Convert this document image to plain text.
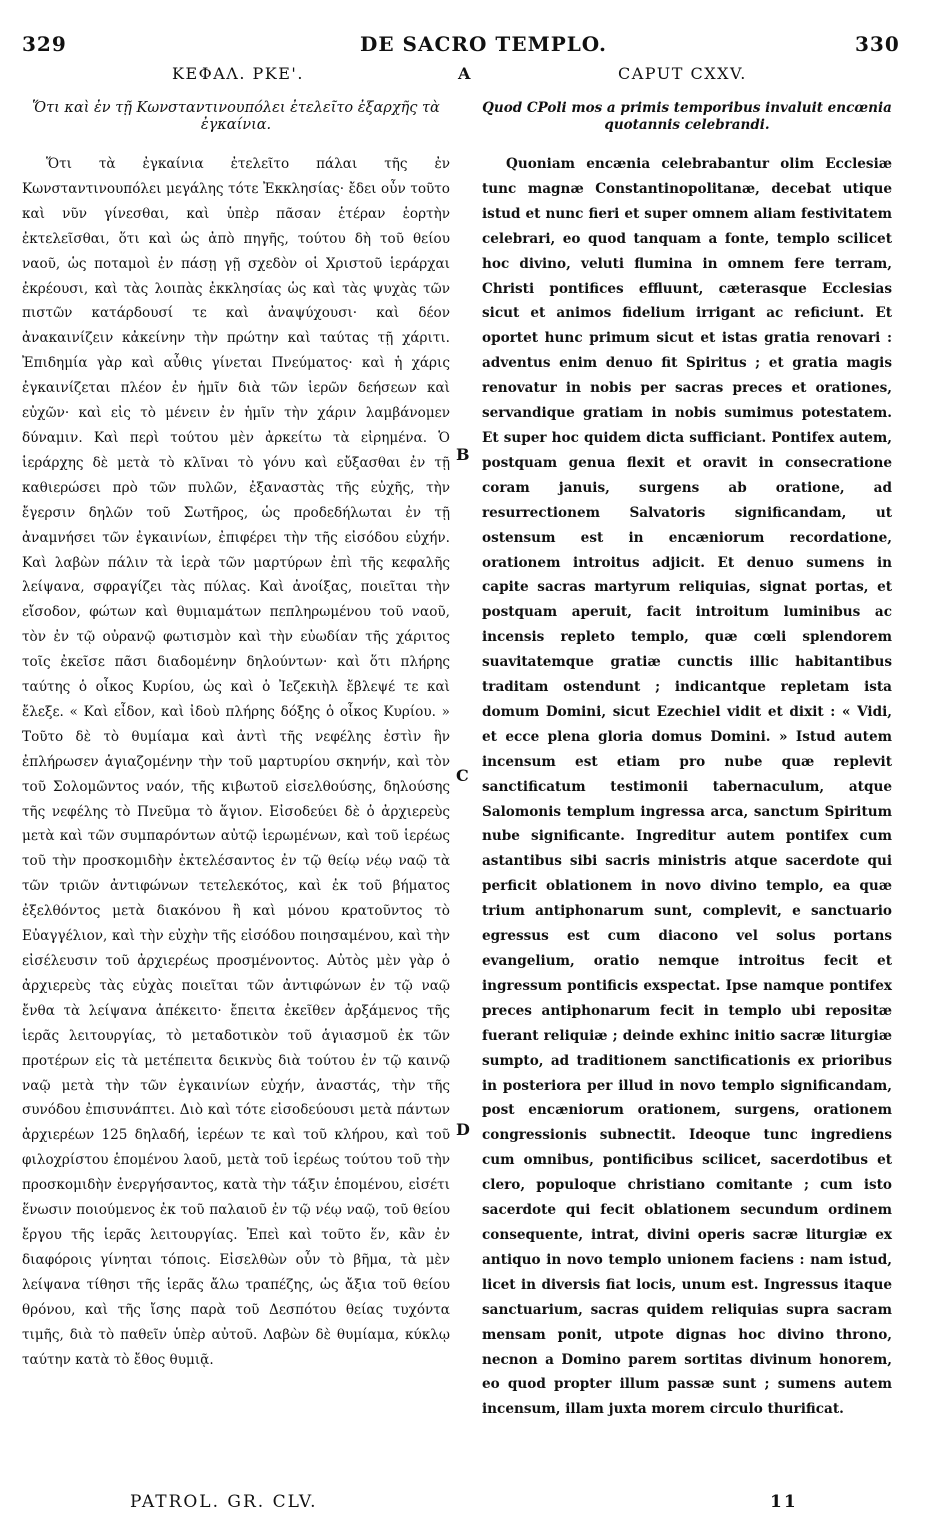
329	DE SACRO TEMPLO.	330
ΚΕΦΑΛ. ΡΚΕ'.	A	CAPUT CXXV.
Ὅτι καὶ ἐν τῇ Κωνσταντινουπόλει ἐτελεῖτο ἐξαρχῆς τὰ ἐγκαίνια.

Ὅτι τὰ ἐγκαίνια ἐτελεῖτο πάλαι τῆς ἐν Κωνσταντινουπόλει μεγάλης τότε Ἐκκλησίας· ἔδει οὖν τοῦτο καὶ νῦν γίνεσθαι, καὶ ὑπὲρ πᾶσαν ἑτέραν ἑορτὴν ἐκτελεῖσθαι, ὅτι καὶ ὡς ἀπὸ πηγῆς, τούτου δὴ τοῦ θείου ναοῦ, ὡς ποταμοὶ ἐν πάσῃ γῇ σχεδὸν οἱ Χριστοῦ ἱεράρχαι ἐκρέουσι, καὶ τὰς λοιπὰς ἐκκλησίας ὡς καὶ τὰς ψυχὰς τῶν πιστῶν κατάρδουσί τε καὶ ἀναψύχουσι· καὶ δέον ἀνακαινίζειν κἀκείνην τὴν πρώτην καὶ ταύτας τῇ χάριτι. Ἐπιδημία γὰρ καὶ αὖθις γίνεται Πνεύματος· καὶ ἡ χάρις ἐγκαινίζεται πλέον ἐν ἡμῖν διὰ τῶν ἱερῶν δεήσεων καὶ εὐχῶν· καὶ εἰς τὸ μένειν ἐν ἡμῖν τὴν χάριν λαμβάνομεν δύναμιν. Καὶ περὶ τούτου μὲν ἀρκείτω τὰ εἰρημένα. Ὁ ἱεράρχης δὲ μετὰ τὸ κλῖναι τὸ γόνυ καὶ εὔξασθαι ἐν τῇ καθιερώσει πρὸ τῶν πυλῶν, ἐξαναστὰς τῆς εὐχῆς, τὴν ἔγερσιν δηλῶν τοῦ Σωτῆρος, ὡς προδεδήλωται ἐν τῇ ἀναμνήσει τῶν ἐγκαινίων, ἐπιφέρει τὴν τῆς εἰσόδου εὐχήν. Καὶ λαβὼν πάλιν τὰ ἱερὰ τῶν μαρτύρων ἐπὶ τῆς κεφαλῆς λείψανα, σφραγίζει τὰς πύλας. Καὶ ἀνοίξας, ποιεῖται τὴν εἴσοδον, φώτων καὶ θυμιαμάτων πεπληρωμένου τοῦ ναοῦ, τὸν ἐν τῷ οὐρανῷ φωτισμὸν καὶ τὴν εὐωδίαν τῆς χάριτος τοῖς ἐκεῖσε πᾶσι διαδομένην δηλούντων· καὶ ὅτι πλήρης ταύτης ὁ οἶκος Κυρίου, ὡς καὶ ὁ Ἰεζεκιὴλ ἔβλεψέ τε καὶ ἔλεξε. « Καὶ εἶδον, καὶ ἰδοὺ πλήρης δόξης ὁ οἶκος Κυρίου. » Τοῦτο δὲ τὸ θυμίαμα καὶ ἀντὶ τῆς νεφέλης ἐστὶν ἣν ἐπλήρωσεν ἁγιαζομένην τὴν τοῦ μαρτυρίου σκηνήν, καὶ τὸν τοῦ Σολομῶντος ναόν, τῆς κιβωτοῦ εἰσελθούσης, δηλούσης τῆς νεφέλης τὸ Πνεῦμα τὸ ἅγιον. Εἰσοδεύει δὲ ὁ ἀρχιερεὺς μετὰ καὶ τῶν συμπαρόντων αὐτῷ ἱερωμένων, καὶ τοῦ ἱερέως τοῦ τὴν προσκομιδὴν ἐκτελέσαντος ἐν τῷ θείῳ νέῳ ναῷ τὰ τῶν τριῶν ἀντιφώνων τετελεκότος, καὶ ἐκ τοῦ βήματος ἐξελθόντος μετὰ διακόνου ἢ καὶ μόνου κρατοῦντος τὸ Εὐαγγέλιον, καὶ τὴν εὐχὴν τῆς εἰσόδου ποιησαμένου, καὶ τὴν εἰσέλευσιν τοῦ ἀρχιερέως προσμένοντος. Αὐτὸς μὲν γὰρ ὁ ἀρχιερεὺς τὰς εὐχὰς ποιεῖται τῶν ἀντιφώνων ἐν τῷ ναῷ ἔνθα τὰ λείψανα ἀπέκειτο· ἔπειτα ἐκεῖθεν ἀρξάμενος τῆς ἱερᾶς λειτουργίας, τὸ μεταδοτικὸν τοῦ ἁγιασμοῦ ἐκ τῶν προτέρων εἰς τὰ μετέπειτα δεικνὺς διὰ τούτου ἐν τῷ καινῷ ναῷ μετὰ τὴν τῶν ἐγκαινίων εὐχήν, ἀναστάς, τὴν τῆς συνόδου ἐπισυνάπτει. Διὸ καὶ τότε εἰσοδεύουσι μετὰ πάντων ἀρχιερέων 125 δηλαδή, ἱερέων τε καὶ τοῦ κλήρου, καὶ τοῦ φιλοχρίστου ἑπομένου λαοῦ, μετὰ τοῦ ἱερέως τούτου τοῦ τὴν προσκομιδὴν ἐνεργήσαντος, κατὰ τὴν τάξιν ἑπομένου, εἰσέτι ἕνωσιν ποιούμενος ἐκ τοῦ παλαιοῦ ἐν τῷ νέῳ ναῷ, τοῦ θείου ἔργου τῆς ἱερᾶς λειτουργίας. Ἐπεὶ καὶ τοῦτο ἕν, κἂν ἐν διαφόροις γίνηται τόποις. Εἰσελθὼν οὖν τὸ βῆμα, τὰ μὲν λείψανα τίθησι τῆς ἱερᾶς ἄλω τραπέζης, ὡς ἄξια τοῦ θείου θρόνου, καὶ τῆς ἴσης παρὰ τοῦ Δεσπότου θείας τυχόντα τιμῆς, διὰ τὸ παθεῖν ὑπὲρ αὐτοῦ. Λαβὼν δὲ θυμίαμα, κύκλῳ ταύτην κατὰ τὸ ἔθος θυμιᾷ.

Quod CPoli mos a primis temporibus invaluit encœnia quotannis celebrandi.

Quoniam encænia celebrabantur olim Ecclesiæ tunc magnæ Constantinopolitanæ, decebat utique istud et nunc fieri et super omnem aliam festivitatem celebrari, eo quod tanquam a fonte, templo scilicet hoc divino, veluti flumina in omnem fere terram, Christi pontifices effluunt, cæterasque Ecclesias sicut et animos fidelium irrigant ac reficiunt. Et oportet hunc primum sicut et istas gratia renovari : adventus enim denuo fit Spiritus ; et gratia magis renovatur in nobis per sacras preces et orationes, servandique gratiam in nobis sumimus potestatem. Et super hoc quidem dicta sufficiant. Pontifex autem, postquam genua flexit et oravit in consecratione coram januis, surgens ab oratione, ad resurrectionem Salvatoris significandam, ut ostensum est in encæniorum recordatione, orationem introitus adjicit. Et denuo sumens in capite sacras martyrum reliquias, signat portas, et postquam aperuit, facit introitum luminibus ac incensis repleto templo, quæ cœli splendorem suavitatemque gratiæ cunctis illic habitantibus traditam ostendunt ; indicantque repletam ista domum Domini, sicut Ezechiel vidit et dixit : « Vidi, et ecce plena gloria domus Domini. » Istud autem incensum est etiam pro nube quæ replevit sanctificatum testimonii tabernaculum, atque Salomonis templum ingressa arca, sanctum Spiritum nube significante. Ingreditur autem pontifex cum astantibus sibi sacris ministris atque sacerdote qui perficit oblationem in novo divino templo, ea quæ trium antiphonarum sunt, complevit, e sanctuario egressus est cum diacono vel solus portans evangelium, oratio nemque introitus fecit et ingressum pontificis exspectat. Ipse namque pontifex preces antiphonarum fecit in templo ubi repositæ fuerant reliquiæ ; deinde exhinc initio sacræ liturgiæ sumpto, ad traditionem sanctificationis ex prioribus in posteriora per illud in novo templo significandam, post encæniorum orationem, surgens, orationem congressionis subnectit. Ideoque tunc ingrediens cum omnibus, pontificibus scilicet, sacerdotibus et clero, populoque christiano comitante ; cum isto sacerdote qui fecit oblationem secundum ordinem consequente, intrat, divini operis sacræ liturgiæ ex antiquo in novo templo unionem faciens : nam istud, licet in diversis fiat locis, unum est. Ingressus itaque sanctuarium, sacras quidem reliquias supra sacram mensam ponit, utpote dignas hoc divino throno, necnon a Domino parem sortitas divinum honorem, eo quod propter illum passæ sunt ; sumens autem incensum, illam juxta morem circulo thurificat.

B
C
D
PATROL. GR. CLV.	11
